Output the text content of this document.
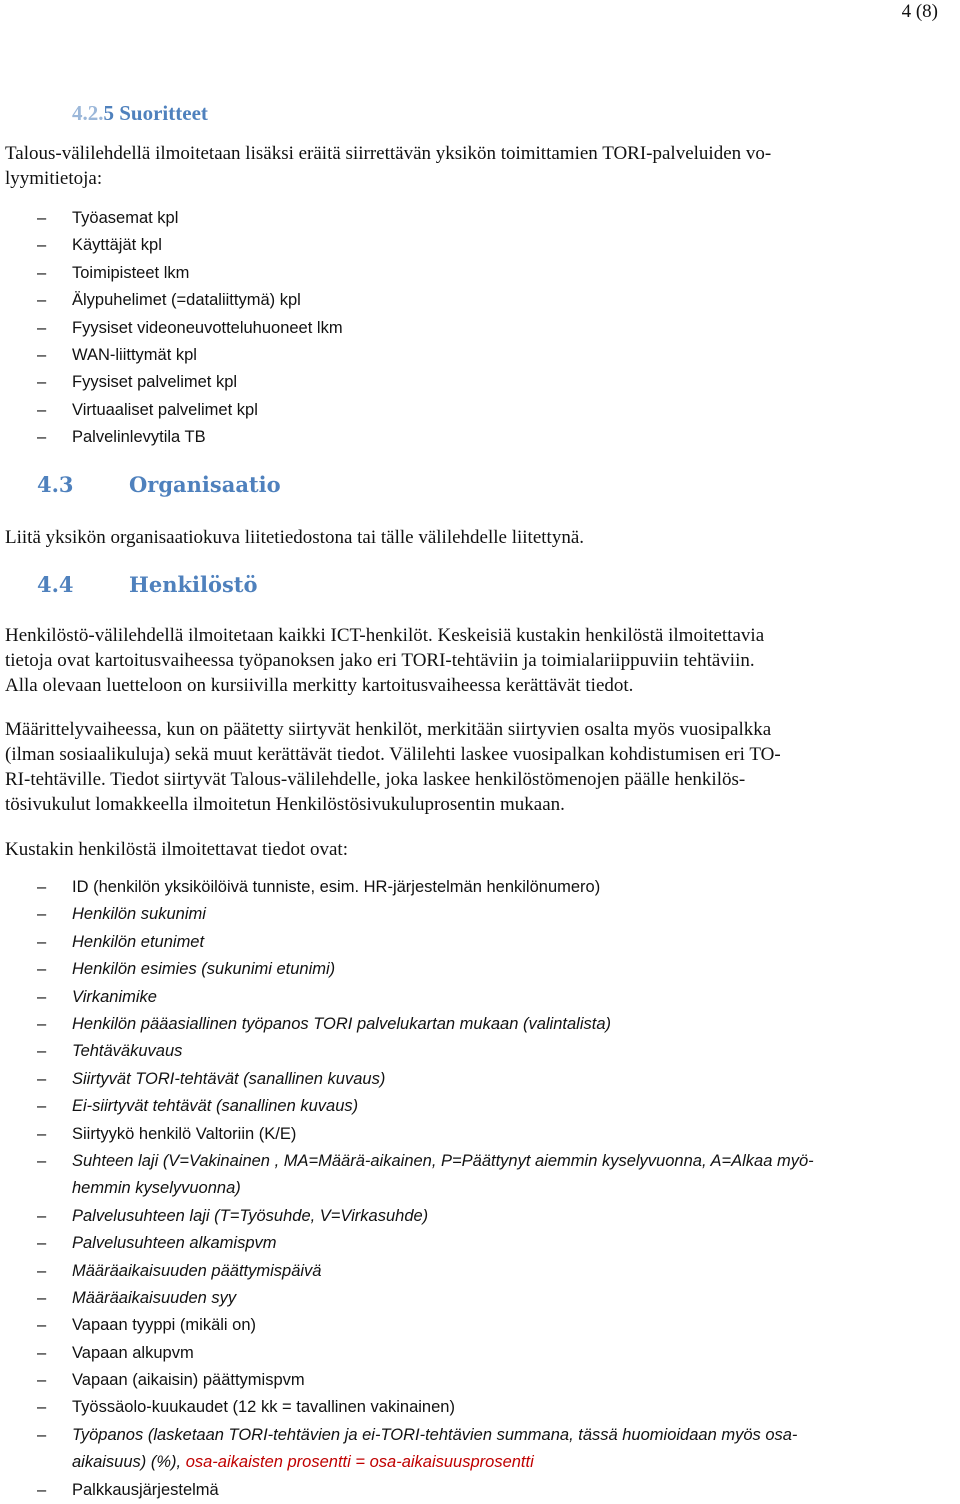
4 (8)
4.2.5 Suoritteet

Talous-välilehdellä ilmoitetaan lisäksi eräitä siirrettävän yksikön toimittamien TORI-palveluiden vo-
lyymitietoja:

– Työasemat kpl
– Käyttäjät kpl
– Toimipisteet lkm
– Älypuhelimet (=dataliittymä) kpl
– Fyysiset videoneuvotteluhuoneet lkm
– WAN-liittymät kpl
– Fyysiset palvelimet kpl
– Virtuaaliset palvelimet kpl
– Palvelinlevytila TB
4.3	Organisaatio

Liitä yksikön organisaatiokuva liitetiedostona tai tälle välilehdelle liitettynä.

4.4	Henkilöstö

Henkilöstö-välilehdellä ilmoitetaan kaikki ICT-henkilöt. Keskeisiä kustakin henkilöstä ilmoitettavia
tietoja ovat kartoitusvaiheessa työpanoksen jako eri TORI-tehtäviin ja toimialariippuviin tehtäviin.
Alla olevaan luetteloon on kursiivilla merkitty kartoitusvaiheessa kerättävät tiedot.

Määrittelyvaiheessa, kun on päätetty siirtyvät henkilöt, merkitään siirtyvien osalta myös vuosipalkka
(ilman sosiaalikuluja) sekä muut kerättävät tiedot. Välilehti laskee vuosipalkan kohdistumisen eri TO-
RI-tehtäville. Tiedot siirtyvät Talous-välilehdelle, joka laskee henkilöstömenojen päälle henkilös-
tösivukulut lomakkeella ilmoitetun Henkilöstösivukuluprosentin mukaan.

Kustakin henkilöstä ilmoitettavat tiedot ovat:

– ID (henkilön yksiköilöivä tunniste, esim. HR-järjestelmän henkilönumero)
– Henkilön sukunimi
– Henkilön etunimet
– Henkilön esimies (sukunimi etunimi)
– Virkanimike
– Henkilön pääasiallinen työpanos TORI palvelukartan mukaan (valintalista)
– Tehtäväkuvaus
– Siirtyvät TORI-tehtävät (sanallinen kuvaus)
– Ei-siirtyvät tehtävät (sanallinen kuvaus)
– Siirtyykö henkilö Valtoriin (K/E)
– Suhteen laji (V=Vakinainen , MA=Määrä-aikainen, P=Päättynyt aiemmin kyselyvuonna, A=Alkaa myö-
hemmin kyselyvuonna)
– Palvelusuhteen laji (T=Työsuhde, V=Virkasuhde)
– Palvelusuhteen alkamispvm
– Määräaikaisuuden päättymispäivä
– Määräaikaisuuden syy
– Vapaan tyyppi (mikäli on)
– Vapaan alkupvm
– Vapaan (aikaisin) päättymispvm
– Työssäolo-kuukaudet (12 kk = tavallinen vakinainen)
– Työpanos (lasketaan TORI-tehtävien ja ei-TORI-tehtävien summana, tässä huomioidaan myös osa-
aikaisuus) (%), osa-aikaisten prosentti = osa-aikaisuusprosentti
– Palkkausjärjestelmä
